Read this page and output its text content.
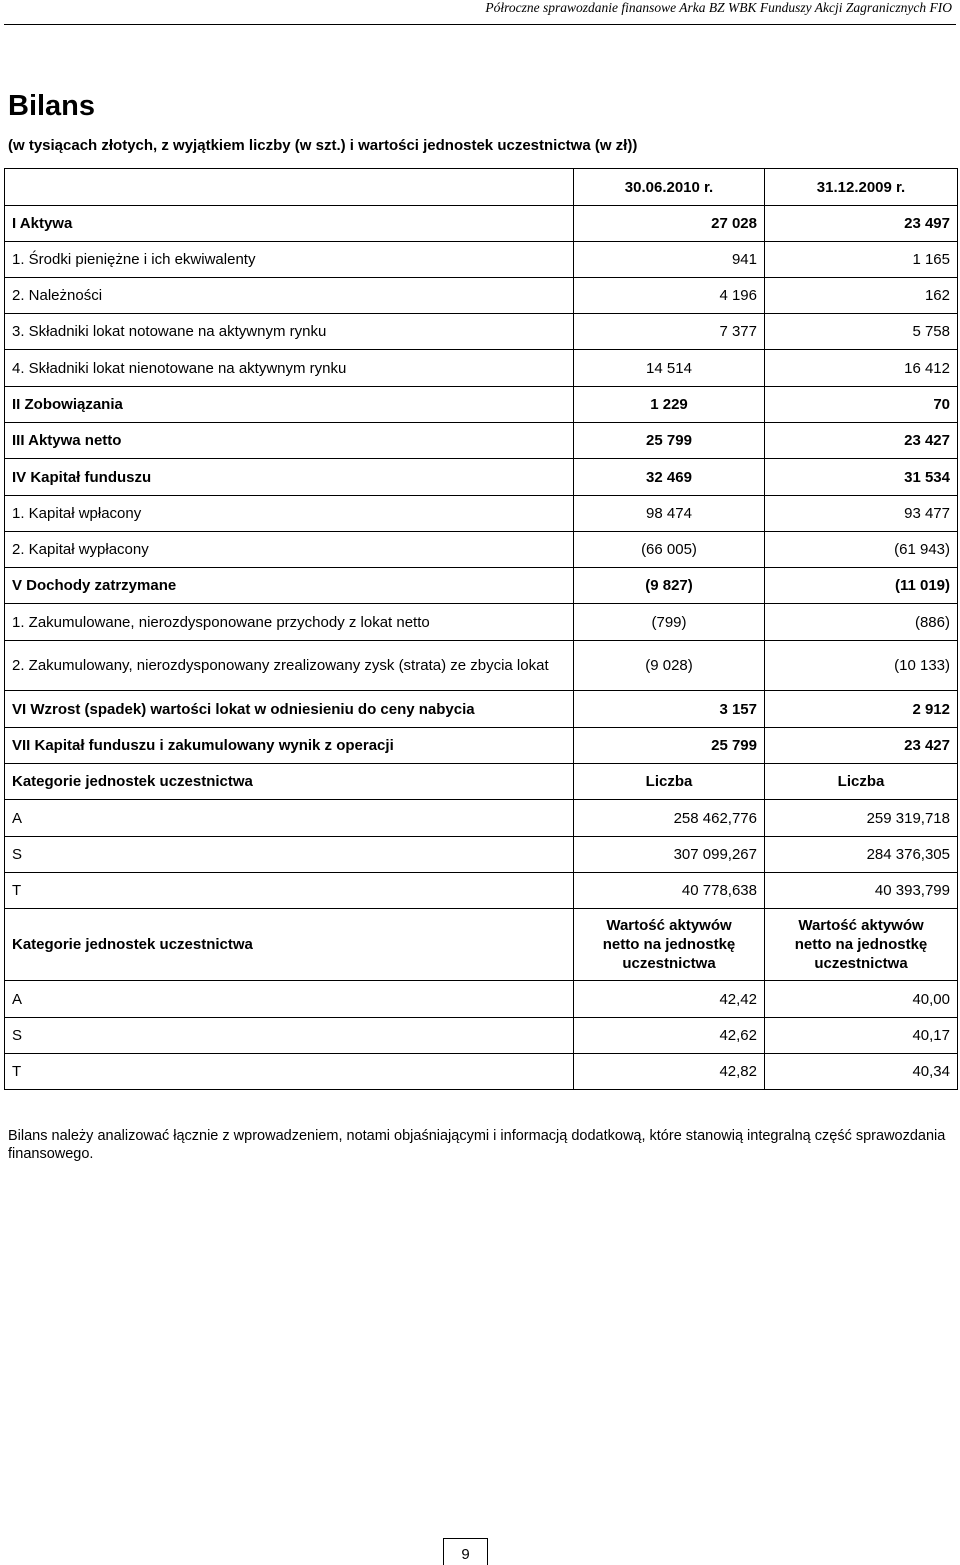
Półroczne sprawozdanie finansowe Arka BZ WBK Funduszy Akcji Zagranicznych FIO
Bilans
(w tysiącach złotych, z wyjątkiem liczby (w szt.) i wartości jednostek uczestnictwa (w zł))
	30.06.2010 r.	31.12.2009 r.
I Aktywa	27 028	23 497
1. Środki pieniężne i ich ekwiwalenty	941	1 165
2. Należności	4 196	162
3. Składniki lokat notowane na aktywnym rynku	7 377	5 758
4. Składniki lokat nienotowane na aktywnym rynku	14 514	16 412
II Zobowiązania	1 229	70
III Aktywa netto	25 799	23 427
IV Kapitał funduszu	32 469	31 534
1. Kapitał wpłacony	98 474	93 477
2. Kapitał wypłacony	(66 005)	(61 943)
V Dochody zatrzymane	(9 827)	(11 019)
1. Zakumulowane, nierozdysponowane przychody z lokat netto	(799)	(886)
2. Zakumulowany, nierozdysponowany zrealizowany zysk (strata) ze zbycia lokat	(9 028)	(10 133)
VI Wzrost (spadek) wartości lokat w odniesieniu do ceny nabycia	3 157	2 912
VII Kapitał funduszu i zakumulowany wynik z operacji	25 799	23 427
Kategorie jednostek uczestnictwa	Liczba	Liczba
A	258 462,776	259 319,718
S	307 099,267	284 376,305
T	40 778,638	40 393,799
Kategorie jednostek uczestnictwa	Wartość aktywów netto na jednostkę uczestnictwa	Wartość aktywów netto na jednostkę uczestnictwa
A	42,42	40,00
S	42,62	40,17
T	42,82	40,34
Bilans należy analizować łącznie z wprowadzeniem, notami objaśniającymi i informacją dodatkową, które stanowią integralną część sprawozdania finansowego.
9
